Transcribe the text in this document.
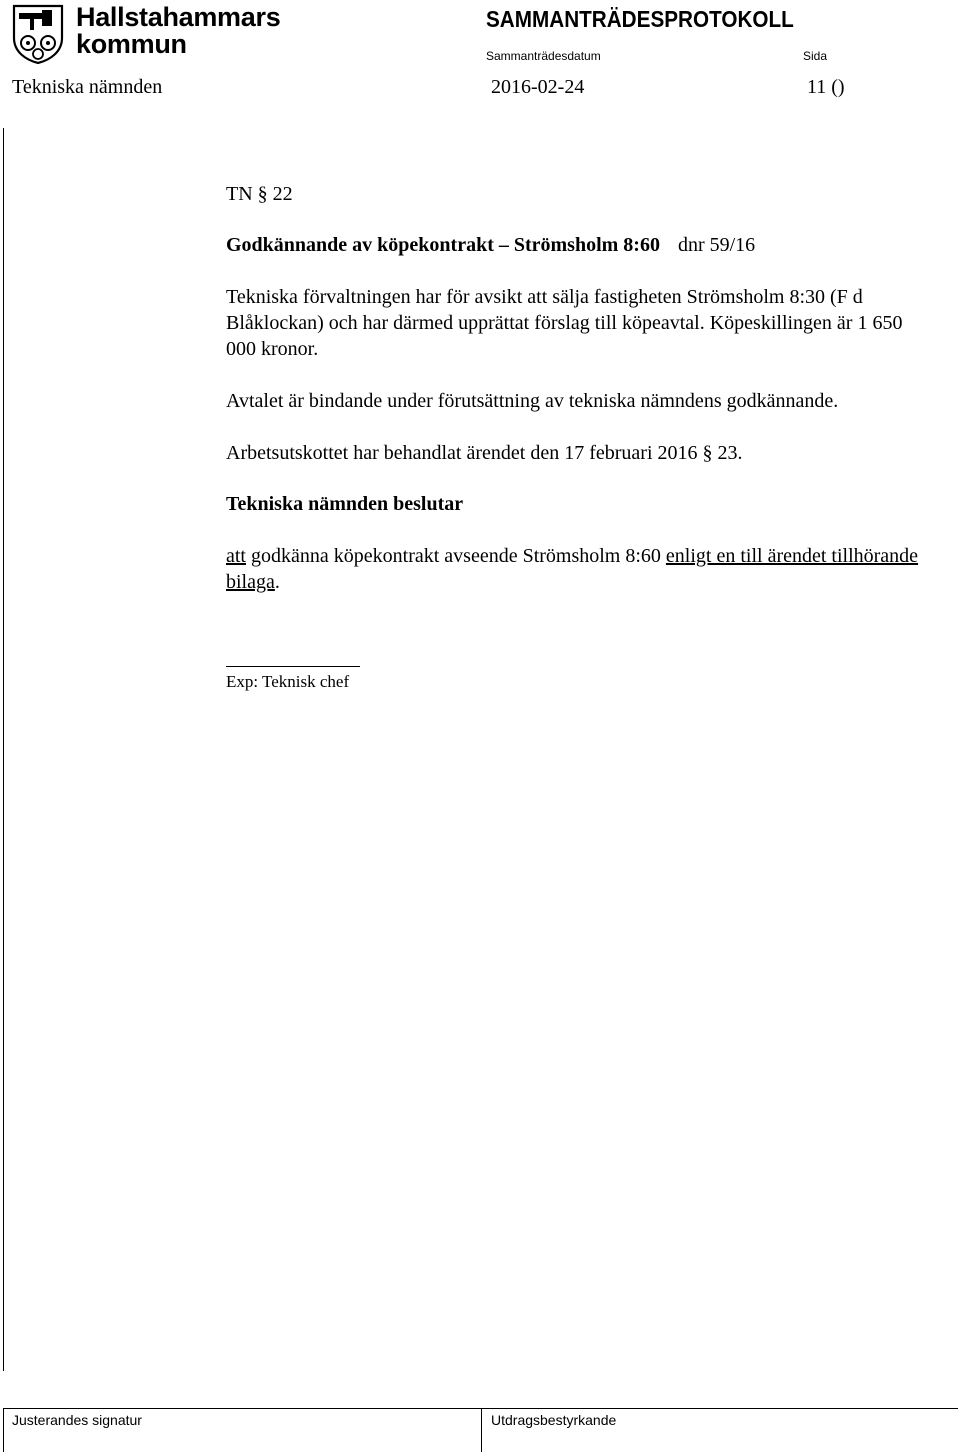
Hallstahammars
kommun
SAMMANTRÄDESPROTOKOLL
Sammanträdesdatum	Sida
Tekniska nämnden	2016-02-24	11 ()
TN § 22
Godkännande av köpekontrakt – Strömsholm 8:60 dnr 59/16
Tekniska förvaltningen har för avsikt att sälja fastigheten Strömsholm 8:30 (F d Blåklockan) och har därmed upprättat förslag till köpeavtal. Köpeskillingen är 1 650 000 kronor.
Avtalet är bindande under förutsättning av tekniska nämndens godkännande.
Arbetsutskottet har behandlat ärendet den 17 februari 2016 § 23.
Tekniska nämnden beslutar
att godkänna köpekontrakt avseende Strömsholm 8:60 enligt en till ärendet tillhörande bilaga.
Exp: Teknisk chef
Justerandes signatur	Utdragsbestyrkande
